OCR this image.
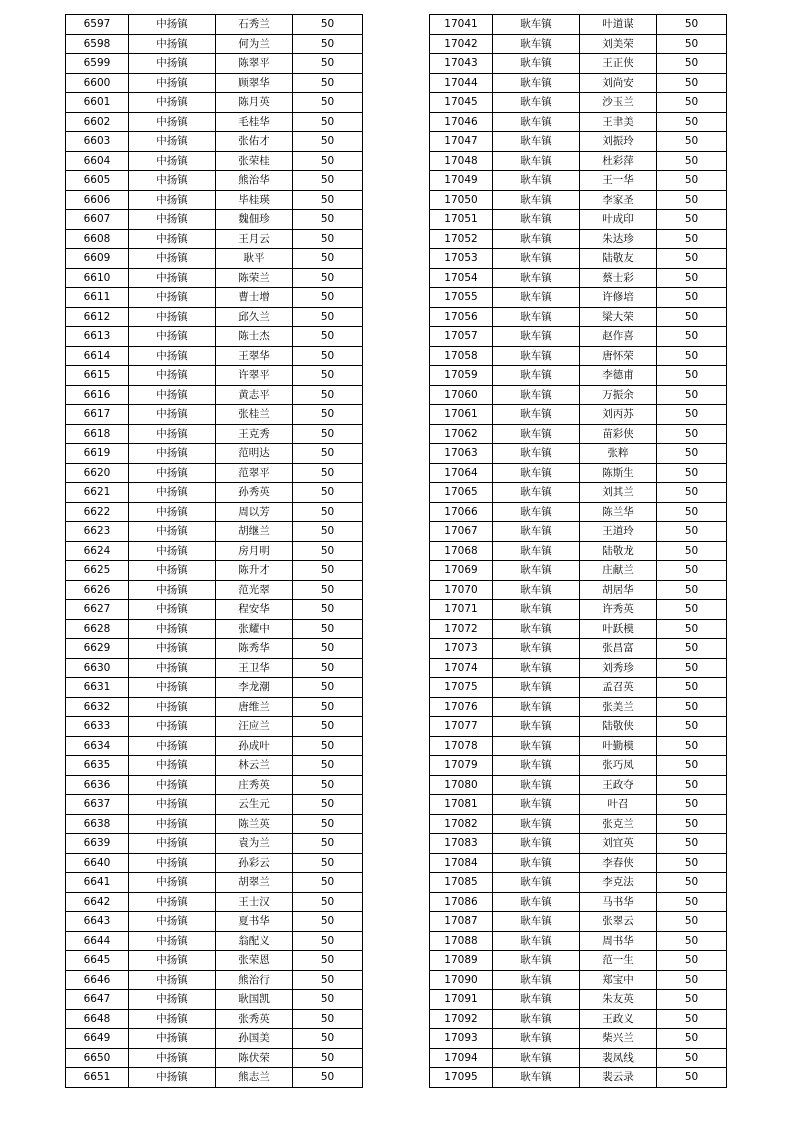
6597	中扬镇	石秀兰	50
6598	中扬镇	何为兰	50
6599	中扬镇	陈翠平	50
6600	中扬镇	顾翠华	50
6601	中扬镇	陈月英	50
6602	中扬镇	毛桂华	50
6603	中扬镇	张佑才	50
6604	中扬镇	张荣桂	50
6605	中扬镇	熊治华	50
6606	中扬镇	毕桂瑛	50
6607	中扬镇	魏佃珍	50
6608	中扬镇	王月云	50
6609	中扬镇	耿平	50
6610	中扬镇	陈荣兰	50
6611	中扬镇	曹士增	50
6612	中扬镇	邱久兰	50
6613	中扬镇	陈士杰	50
6614	中扬镇	王翠华	50
6615	中扬镇	许翠平	50
6616	中扬镇	黄志平	50
6617	中扬镇	张桂兰	50
6618	中扬镇	王克秀	50
6619	中扬镇	范明达	50
6620	中扬镇	范翠平	50
6621	中扬镇	孙秀英	50
6622	中扬镇	周以芳	50
6623	中扬镇	胡继兰	50
6624	中扬镇	房月明	50
6625	中扬镇	陈升才	50
6626	中扬镇	范光翠	50
6627	中扬镇	程安华	50
6628	中扬镇	张耀中	50
6629	中扬镇	陈秀华	50
6630	中扬镇	王卫华	50
6631	中扬镇	李龙潮	50
6632	中扬镇	唐维兰	50
6633	中扬镇	汪应兰	50
6634	中扬镇	孙成叶	50
6635	中扬镇	林云兰	50
6636	中扬镇	庄秀英	50
6637	中扬镇	云生元	50
6638	中扬镇	陈兰英	50
6639	中扬镇	袁为兰	50
6640	中扬镇	孙彩云	50
6641	中扬镇	胡翠兰	50
6642	中扬镇	王士汉	50
6643	中扬镇	夏书华	50
6644	中扬镇	翁配义	50
6645	中扬镇	张荣恩	50
6646	中扬镇	熊治行	50
6647	中扬镇	耿国凯	50
6648	中扬镇	张秀英	50
6649	中扬镇	孙国美	50
6650	中扬镇	陈伏荣	50
6651	中扬镇	熊志兰	50
17041	耿车镇	叶道谋	50
17042	耿车镇	刘美荣	50
17043	耿车镇	王正侠	50
17044	耿车镇	刘尚安	50
17045	耿车镇	沙玉兰	50
17046	耿车镇	王聿美	50
17047	耿车镇	刘振玲	50
17048	耿车镇	杜彩萍	50
17049	耿车镇	王一华	50
17050	耿车镇	李家圣	50
17051	耿车镇	叶成印	50
17052	耿车镇	朱达珍	50
17053	耿车镇	陆敬友	50
17054	耿车镇	蔡士彩	50
17055	耿车镇	许修培	50
17056	耿车镇	梁大荣	50
17057	耿车镇	赵作喜	50
17058	耿车镇	唐怀荣	50
17059	耿车镇	李德甫	50
17060	耿车镇	万振余	50
17061	耿车镇	刘丙苏	50
17062	耿车镇	苗彩侠	50
17063	耿车镇	张粹	50
17064	耿车镇	陈斯生	50
17065	耿车镇	刘其兰	50
17066	耿车镇	陈兰华	50
17067	耿车镇	王道玲	50
17068	耿车镇	陆敬龙	50
17069	耿车镇	庄献兰	50
17070	耿车镇	胡居华	50
17071	耿车镇	许秀英	50
17072	耿车镇	叶跃模	50
17073	耿车镇	张昌富	50
17074	耿车镇	刘秀珍	50
17075	耿车镇	孟召英	50
17076	耿车镇	张美兰	50
17077	耿车镇	陆敬侠	50
17078	耿车镇	叶勤模	50
17079	耿车镇	张巧凤	50
17080	耿车镇	王政夺	50
17081	耿车镇	叶召	50
17082	耿车镇	张克兰	50
17083	耿车镇	刘宜英	50
17084	耿车镇	李春侠	50
17085	耿车镇	李克法	50
17086	耿车镇	马书华	50
17087	耿车镇	张翠云	50
17088	耿车镇	周书华	50
17089	耿车镇	范一生	50
17090	耿车镇	郑宝中	50
17091	耿车镇	朱友英	50
17092	耿车镇	王政义	50
17093	耿车镇	柴兴兰	50
17094	耿车镇	裴凤线	50
17095	耿车镇	裴云录	50
